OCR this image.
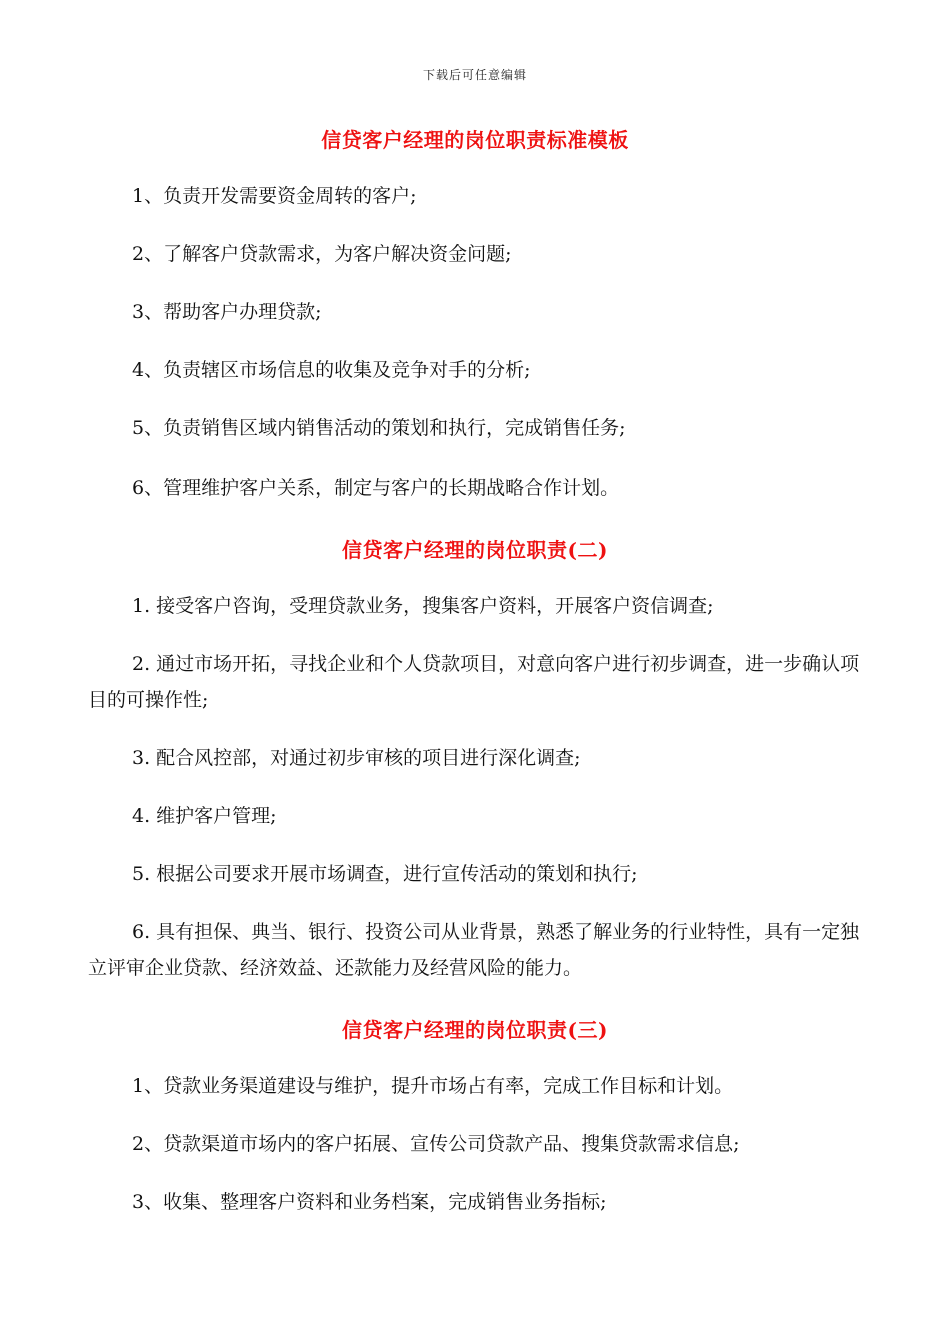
下载后可任意编辑
信贷客户经理的岗位职责标准模板
1、负责开发需要资金周转的客户;
2、了解客户贷款需求，为客户解决资金问题;
3、帮助客户办理贷款;
4、负责辖区市场信息的收集及竞争对手的分析;
5、负责销售区域内销售活动的策划和执行，完成销售任务;
6、管理维护客户关系，制定与客户的长期战略合作计划。
信贷客户经理的岗位职责(二)
1. 接受客户咨询，受理贷款业务，搜集客户资料，开展客户资信调查;
2. 通过市场开拓，寻找企业和个人贷款项目，对意向客户进行初步调查，进一步确认项目的可操作性;
3. 配合风控部，对通过初步审核的项目进行深化调查;
4. 维护客户管理;
5. 根据公司要求开展市场调查，进行宣传活动的策划和执行;
6. 具有担保、典当、银行、投资公司从业背景，熟悉了解业务的行业特性，具有一定独立评审企业贷款、经济效益、还款能力及经营风险的能力。
信贷客户经理的岗位职责(三)
1、贷款业务渠道建设与维护，提升市场占有率，完成工作目标和计划。
2、贷款渠道市场内的客户拓展、宣传公司贷款产品、搜集贷款需求信息;
3、收集、整理客户资料和业务档案，完成销售业务指标;
